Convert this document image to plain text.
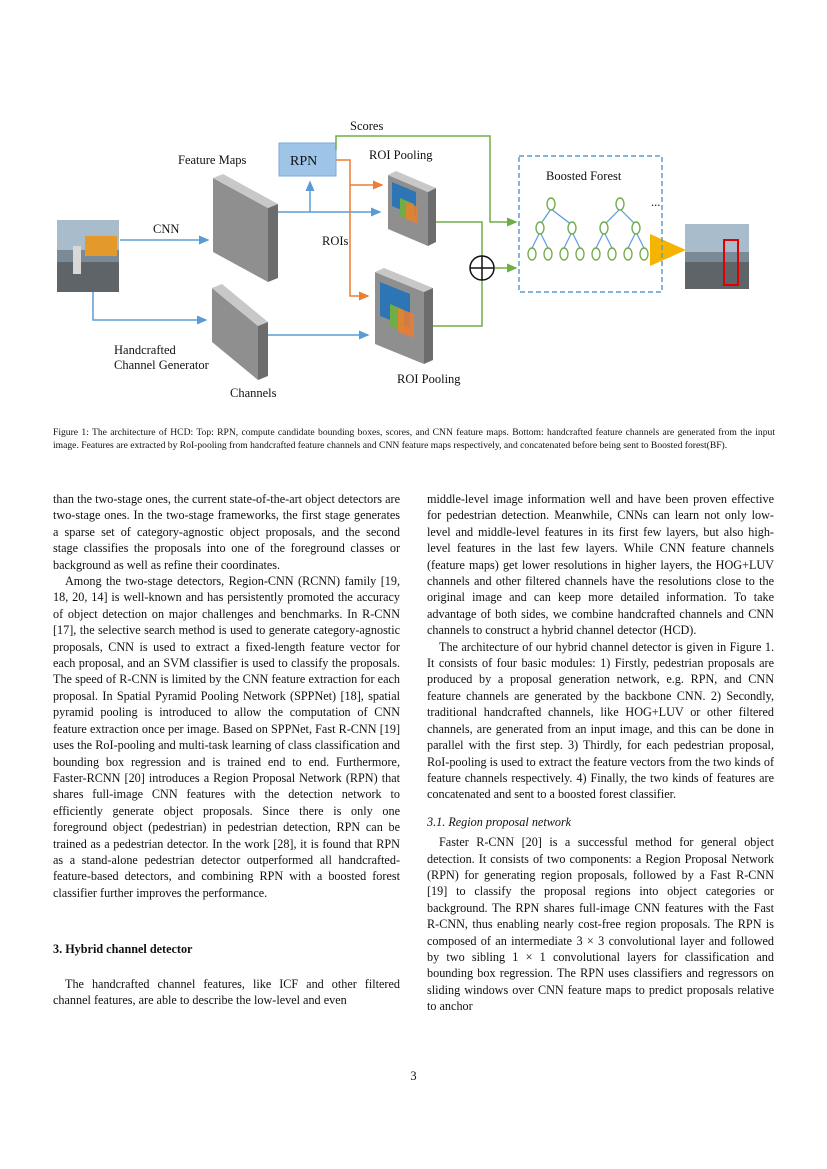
Scores
Feature Maps	RPN	ROI Pooling
Boosted Forest
...
CNN
ROIs
Handcrafted
Channel Generator
ROI Pooling
Channels
Figure 1: The architecture of HCD: Top: RPN, compute candidate bounding boxes, scores, and CNN feature maps. Bottom: handcrafted feature channels are generated from the input image. Features are extracted by RoI-pooling from handcrafted feature channels and CNN feature maps respectively, and concatenated before being sent to Boosted forest(BF).

than the two-stage ones, the current state-of-the-art object detectors are two-stage ones. In the two-stage frameworks, the first stage generates a sparse set of category-agnostic object proposals, and the second stage classifies the proposals into one of the foreground classes or background as well as refine their coordinates.

Among the two-stage detectors, Region-CNN (RCNN) family [19, 18, 20, 14] is well-known and has persistently promoted the accuracy of object detection on major challenges and benchmarks. In R-CNN [17], the selective search method is used to generate category-agnostic proposals, CNN is used to extract a fixed-length feature vector for each proposal, and an SVM classifier is used to classify the proposals. The speed of R-CNN is limited by the CNN feature extraction for each proposal. In Spatial Pyramid Pooling Network (SPPNet) [18], spatial pyramid pooling is introduced to allow the computation of CNN feature extraction once per image. Based on SPPNet, Fast R-CNN [19] uses the RoI-pooling and multi-task learning of class classification and bounding box regression and is trained end to end. Furthermore, Faster-RCNN [20] introduces a Region Proposal Network (RPN) that shares full-image CNN features with the detection network to efficiently generate object proposals. Since there is only one foreground object (pedestrian) in pedestrian detection, RPN can be trained as a pedestrian detector. In the work [28], it is found that RPN as a stand-alone pedestrian detector outperformed all handcrafted-feature-based detectors, and combining RPN with a boosted forest classifier further improves the performance.

3. Hybrid channel detector

The handcrafted channel features, like ICF and other filtered channel features, are able to describe the low-level and even

middle-level image information well and have been proven effective for pedestrian detection. Meanwhile, CNNs can learn not only low-level and middle-level features in its first few layers, but also high-level features in the last few layers. While CNN feature channels (feature maps) get lower resolutions in higher layers, the HOG+LUV channels and other filtered channels have the resolutions close to the original image and can keep more detailed information. To take advantage of both sides, we combine handcrafted channels and CNN channels to construct a hybrid channel detector (HCD).

The architecture of our hybrid channel detector is given in Figure 1. It consists of four basic modules: 1) Firstly, pedestrian proposals are produced by a proposal generation network, e.g. RPN, and CNN feature channels are generated by the backbone CNN. 2) Secondly, traditional handcrafted channels, like HOG+LUV or other filtered channels, are generated from an input image, and this can be done in parallel with the first step. 3) Thirdly, for each pedestrian proposal, RoI-pooling is used to extract the feature vectors from the two kinds of feature channels respectively. 4) Finally, the two kinds of features are concatenated and sent to a boosted forest classifier.

3.1. Region proposal network

Faster R-CNN [20] is a successful method for general object detection. It consists of two components: a Region Proposal Network (RPN) for generating region proposals, followed by a Fast R-CNN [19] to classify the proposal regions into object categories or background. The RPN shares full-image CNN features with the Fast R-CNN, thus enabling nearly cost-free region proposals. The RPN is composed of an intermediate 3 × 3 convolutional layer and followed by two sibling 1 × 1 convolutional layers for classification and bounding box regression. The RPN uses classifiers and regressors on sliding windows over CNN feature maps to predict proposals relative to anchor

3
